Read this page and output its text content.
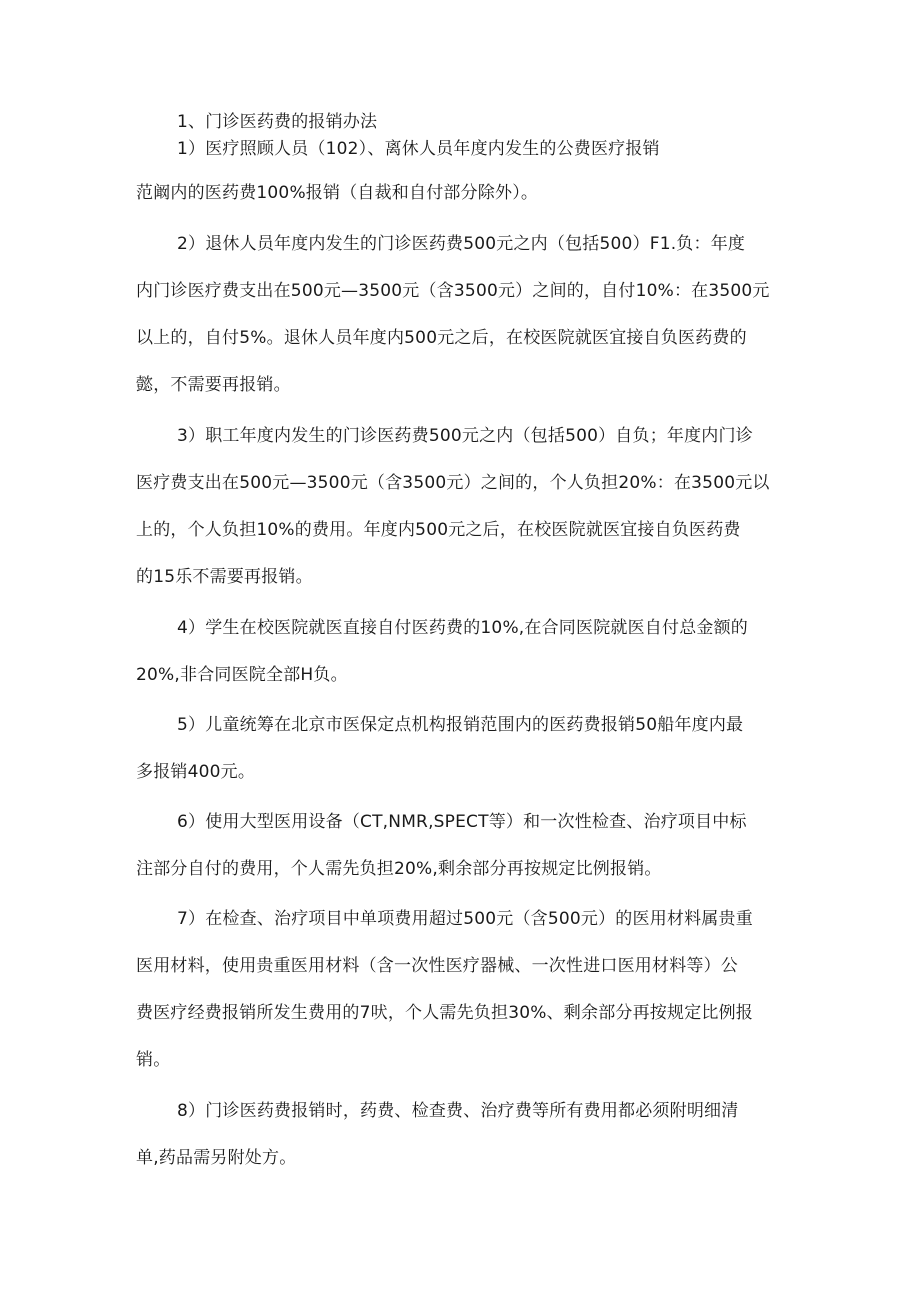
1、门诊医药费的报销办法
1）医疗照顾人员（102）、离休人员年度内发生的公费医疗报销
范阚内的医药费100%报销（自裁和自付部分除外）。
2）退休人员年度内发生的门诊医药费500元之内（包括500）F1.负：年度
内门诊医疗费支出在500元—3500元（含3500元）之间的，自付10%：在3500元
以上的，自付5%。退休人员年度内500元之后，在校医院就医宜接自负医药费的
懿，不需要再报销。
3）职工年度内发生的门诊医药费500元之内（包括500）自负；年度内门诊
医疗费支出在500元—3500元（含3500元）之间的，个人负担20%：在3500元以
上的，个人负担10%的费用。年度内500元之后，在校医院就医宜接自负医药费
的15乐不需要再报销。
4）学生在校医院就医直接自付医药费的10%,在合同医院就医自付总金额的
20%,非合同医院全部H负。
5）儿童统筹在北京市医保定点机构报销范围内的医药费报销50船年度内最
多报销400元。
6）使用大型医用设备（CT,NMR,SPECT等）和一次性检查、治疗项目中标
注部分自付的费用，个人需先负担20%,剩余部分再按规定比例报销。
7）在检查、治疗项目中单项费用超过500元（含500元）的医用材料属贵重
医用材料，使用贵重医用材料（含一次性医疗器械、一次性进口医用材料等）公
费医疗经费报销所发生费用的7吠，个人需先负担30%、剩余部分再按规定比例报
销。
8）门诊医药费报销时，药费、检查费、治疗费等所有费用都必须附明细清
单,药品需另附处方。
